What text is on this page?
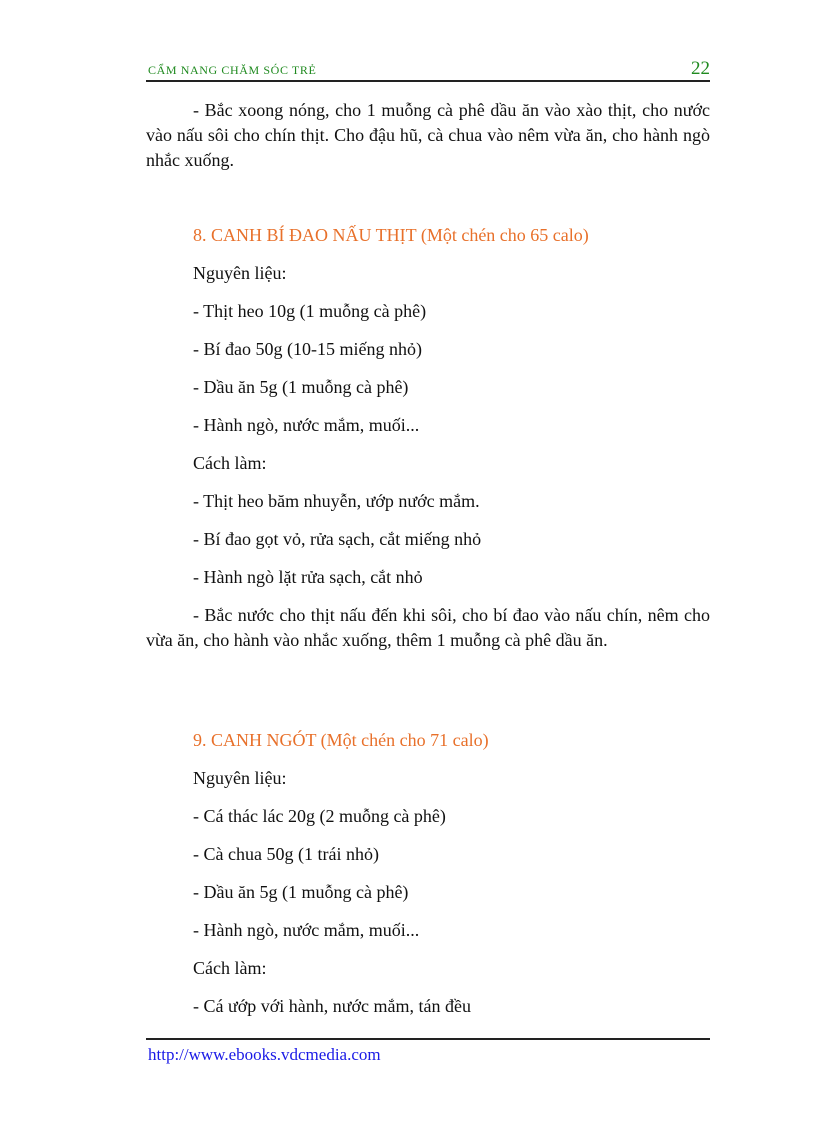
CẨM NANG CHĂM SÓC TRẺ	22
- Bắc xoong nóng, cho 1 muỗng cà phê dầu ăn vào xào thịt, cho nước vào nấu sôi cho chín thịt. Cho đậu hũ, cà chua vào nêm vừa ăn, cho hành ngò nhắc xuống.
8. CANH BÍ ĐAO NẤU THỊT (Một chén cho 65 calo)
Nguyên liệu:
- Thịt heo 10g (1 muỗng cà phê)
- Bí đao 50g (10-15 miếng nhỏ)
- Dầu ăn 5g (1 muỗng cà phê)
- Hành ngò, nước mắm, muối...
Cách làm:
- Thịt heo băm nhuyễn, ướp nước mắm.
- Bí đao gọt vỏ, rửa sạch, cắt miếng nhỏ
- Hành ngò lặt rửa sạch, cắt nhỏ
- Bắc nước cho thịt nấu đến khi sôi, cho bí đao vào nấu chín, nêm cho vừa ăn, cho hành vào nhắc xuống, thêm 1 muỗng cà phê dầu ăn.
9. CANH NGÓT (Một chén cho 71 calo)
Nguyên liệu:
- Cá thác lác 20g (2 muỗng cà phê)
- Cà chua 50g (1 trái nhỏ)
- Dầu ăn 5g (1 muỗng cà phê)
- Hành ngò, nước mắm, muối...
Cách làm:
- Cá ướp với hành, nước mắm, tán đều
http://www.ebooks.vdcmedia.com
